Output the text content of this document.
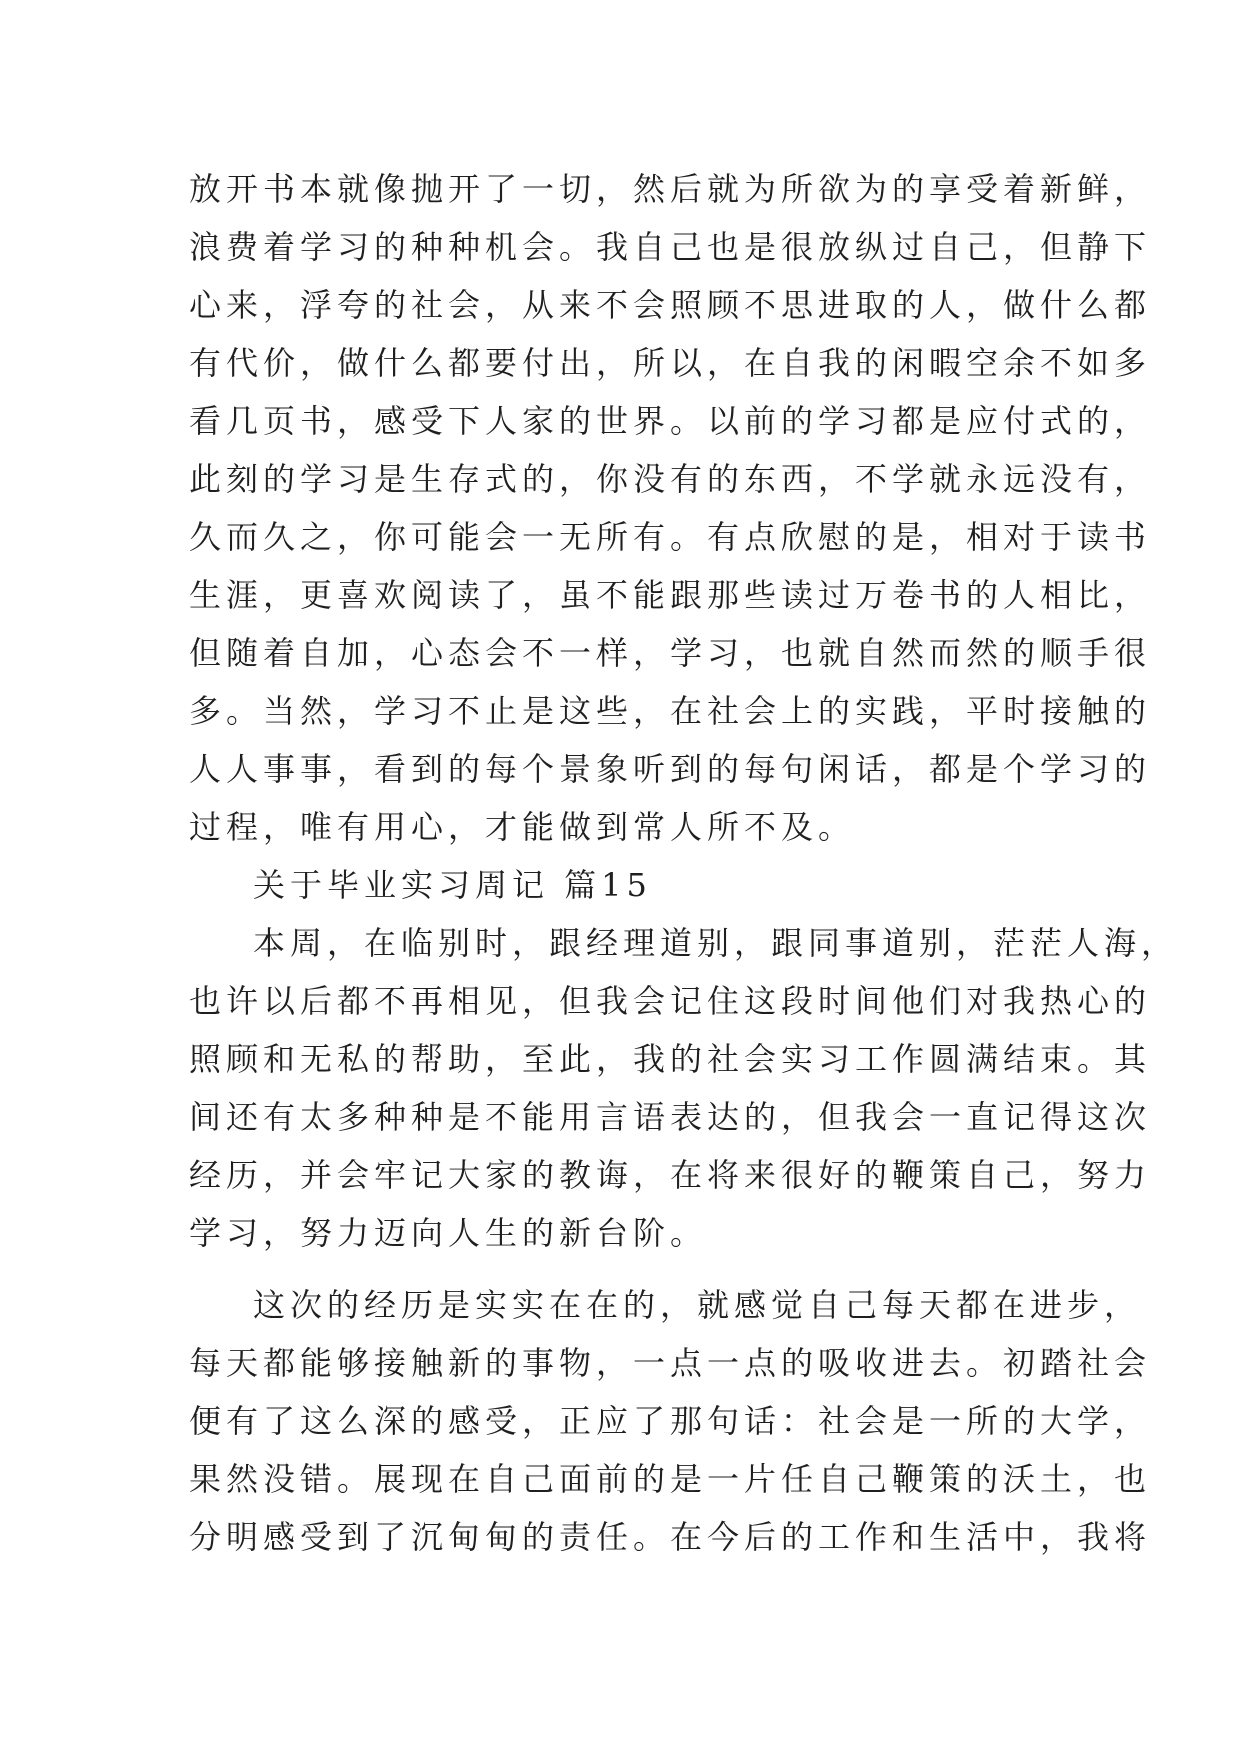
放开书本就像抛开了一切，然后就为所欲为的享受着新鲜，
浪费着学习的种种机会。我自己也是很放纵过自己，但静下
心来，浮夸的社会，从来不会照顾不思进取的人，做什么都
有代价，做什么都要付出，所以，在自我的闲暇空余不如多
看几页书，感受下人家的世界。以前的学习都是应付式的，
此刻的学习是生存式的，你没有的东西，不学就永远没有，
久而久之，你可能会一无所有。有点欣慰的是，相对于读书
生涯，更喜欢阅读了，虽不能跟那些读过万卷书的人相比，
但随着自加，心态会不一样，学习，也就自然而然的顺手很
多。当然，学习不止是这些，在社会上的实践，平时接触的
人人事事，看到的每个景象听到的每句闲话，都是个学习的
过程，唯有用心，才能做到常人所不及。
关于毕业实习周记 篇15
本周，在临别时，跟经理道别，跟同事道别，茫茫人海，
也许以后都不再相见，但我会记住这段时间他们对我热心的
照顾和无私的帮助，至此，我的社会实习工作圆满结束。其
间还有太多种种是不能用言语表达的，但我会一直记得这次
经历，并会牢记大家的教诲，在将来很好的鞭策自己，努力
学习，努力迈向人生的新台阶。
这次的经历是实实在在的，就感觉自己每天都在进步，
每天都能够接触新的事物，一点一点的吸收进去。初踏社会
便有了这么深的感受，正应了那句话：社会是一所的大学，
果然没错。展现在自己面前的是一片任自己鞭策的沃土，也
分明感受到了沉甸甸的责任。在今后的工作和生活中，我将
